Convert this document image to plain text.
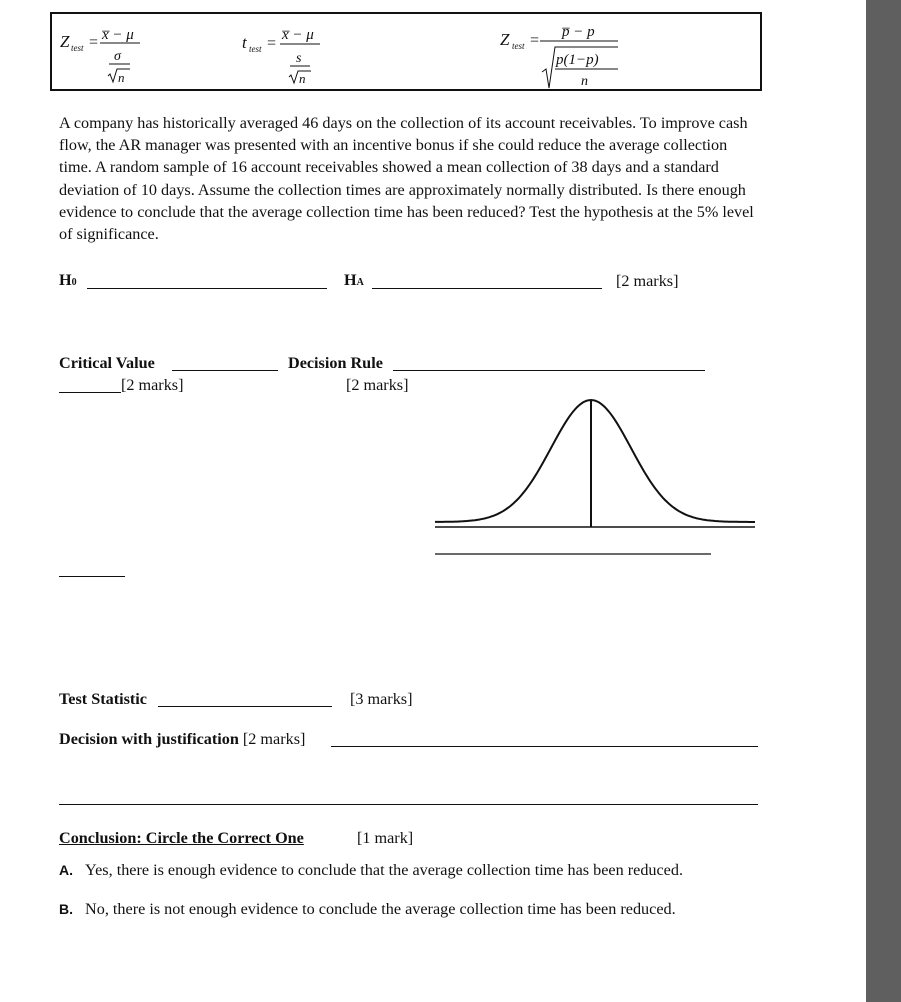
Z test = x̅ − μ
σ
n
t test = x̅ − μ
s
n
Z test = p̅ − p
p(1−p)
n

A company has historically averaged 46 days on the collection of its account receivables. To improve cash flow, the AR manager was presented with an incentive bonus if she could reduce the average collection time. A random sample of 16 account receivables showed a mean collection of 38 days and a standard deviation of 10 days. Assume the collection times are approximately normally distributed. Is there enough evidence to conclude that the average collection time has been reduced? Test the hypothesis at the 5% level of significance.

H0	HA	[2 marks]
Critical Value	Decision Rule
[2 marks]	[2 marks]
Test Statistic	[3 marks]
Decision with justification [2 marks]
Conclusion: Circle the Correct One	[1 mark]
A. Yes, there is enough evidence to conclude that the average collection time has been reduced.
B. No, there is not enough evidence to conclude the average collection time has been reduced.
